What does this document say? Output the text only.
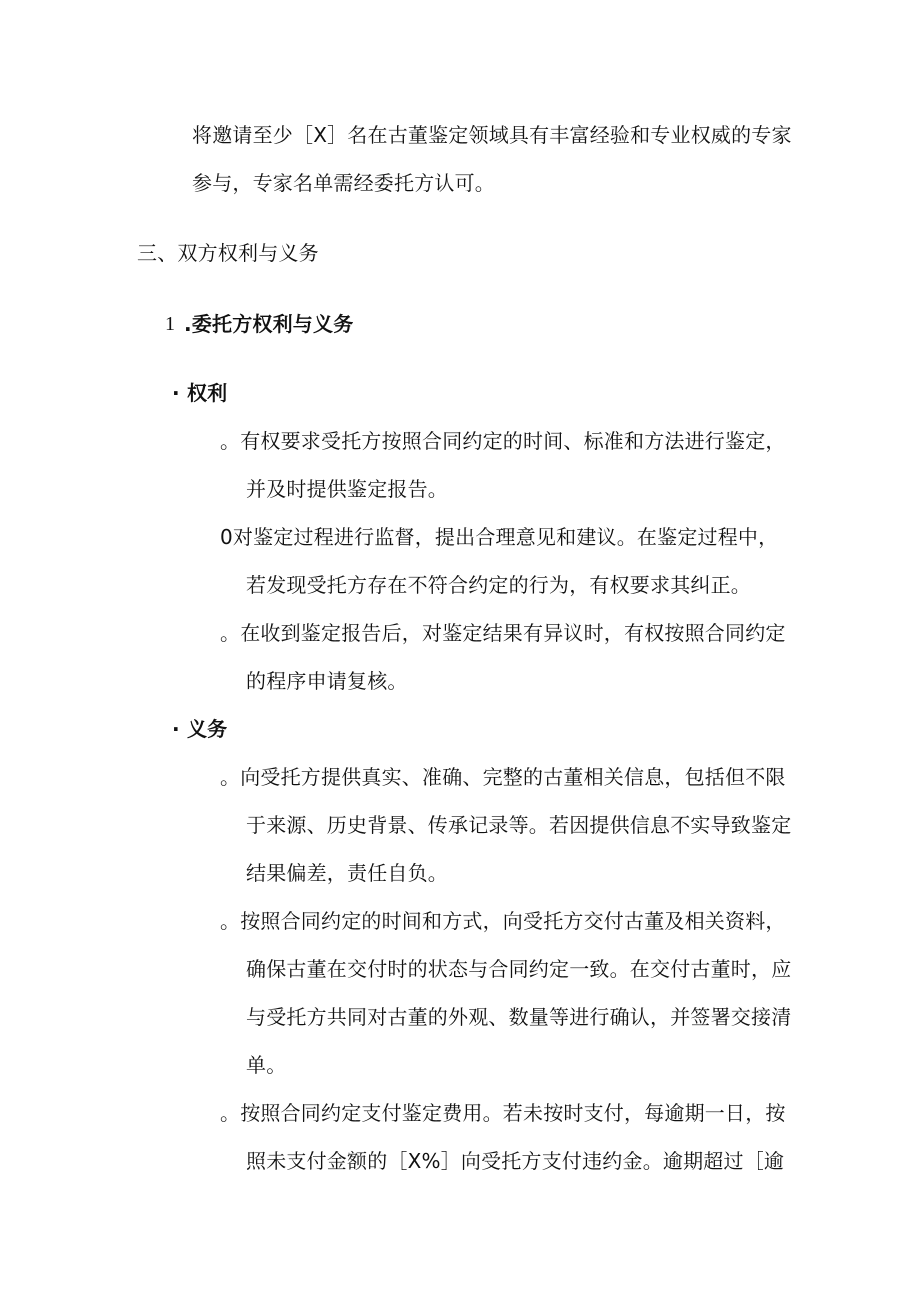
将邀请至少［X］名在古董鉴定领域具有丰富经验和专业权威的专家
参与，专家名单需经委托方认可。
三、双方权利与义务
1 .委托方权利与义务
· 权利
。有权要求受托方按照合同约定的时间、标准和方法进行鉴定，
并及时提供鉴定报告。
0对鉴定过程进行监督，提出合理意见和建议。在鉴定过程中，
若发现受托方存在不符合约定的行为，有权要求其纠正。
。在收到鉴定报告后，对鉴定结果有异议时，有权按照合同约定
的程序申请复核。
· 义务
。向受托方提供真实、准确、完整的古董相关信息，包括但不限
于来源、历史背景、传承记录等。若因提供信息不实导致鉴定
结果偏差，责任自负。
。按照合同约定的时间和方式，向受托方交付古董及相关资料，
确保古董在交付时的状态与合同约定一致。在交付古董时，应
与受托方共同对古董的外观、数量等进行确认，并签署交接清
单。
。按照合同约定支付鉴定费用。若未按时支付，每逾期一日，按
照未支付金额的［X%］向受托方支付违约金。逾期超过［逾
